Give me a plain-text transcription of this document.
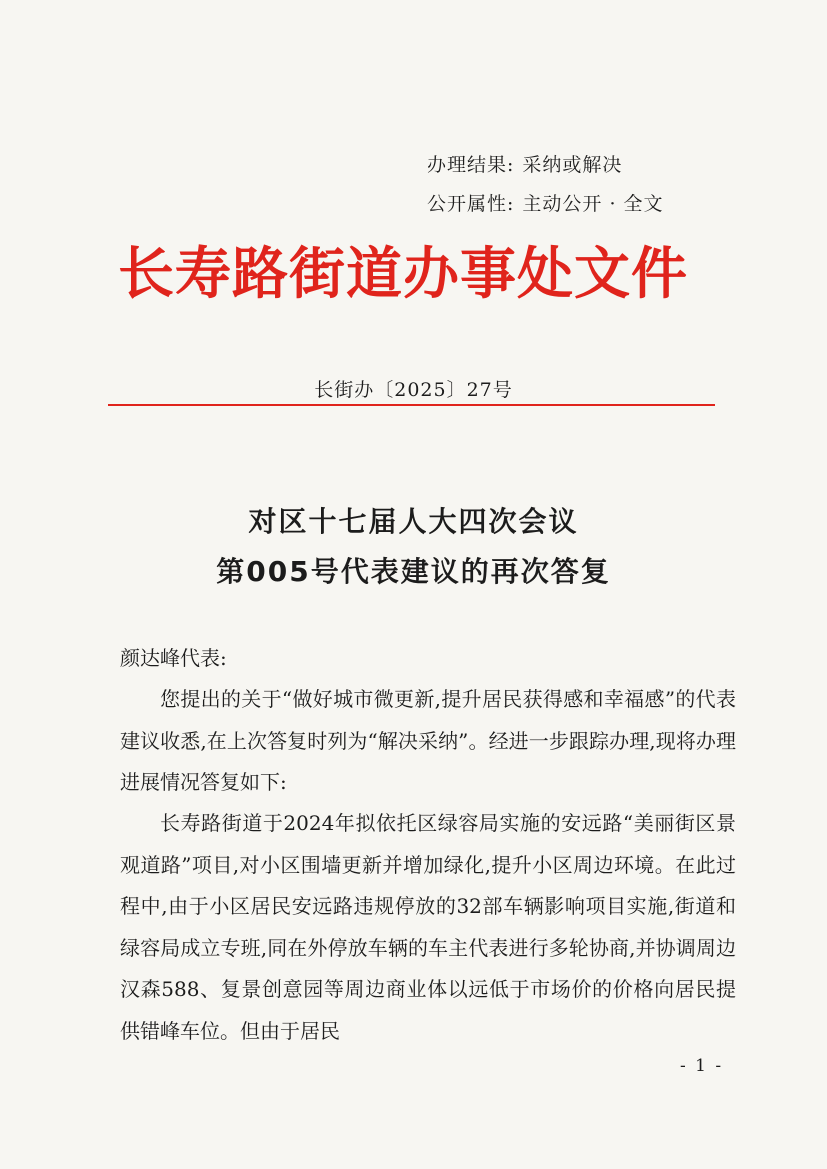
办理结果: 采纳或解决
公开属性: 主动公开 · 全文
长寿路街道办事处文件
长街办〔2025〕27号
对区十七届人大四次会议
第005号代表建议的再次答复
颜达峰代表:
您提出的关于“做好城市微更新,提升居民获得感和幸福感”的代表建议收悉,在上次答复时列为“解决采纳”。经进一步跟踪办理,现将办理进展情况答复如下:
长寿路街道于2024年拟依托区绿容局实施的安远路“美丽街区景观道路”项目,对小区围墙更新并增加绿化,提升小区周边环境。在此过程中,由于小区居民安远路违规停放的32部车辆影响项目实施,街道和绿容局成立专班,同在外停放车辆的车主代表进行多轮协商,并协调周边汉森588、复景创意园等周边商业体以远低于市场价的价格向居民提供错峰车位。但由于居民
- 1 -
